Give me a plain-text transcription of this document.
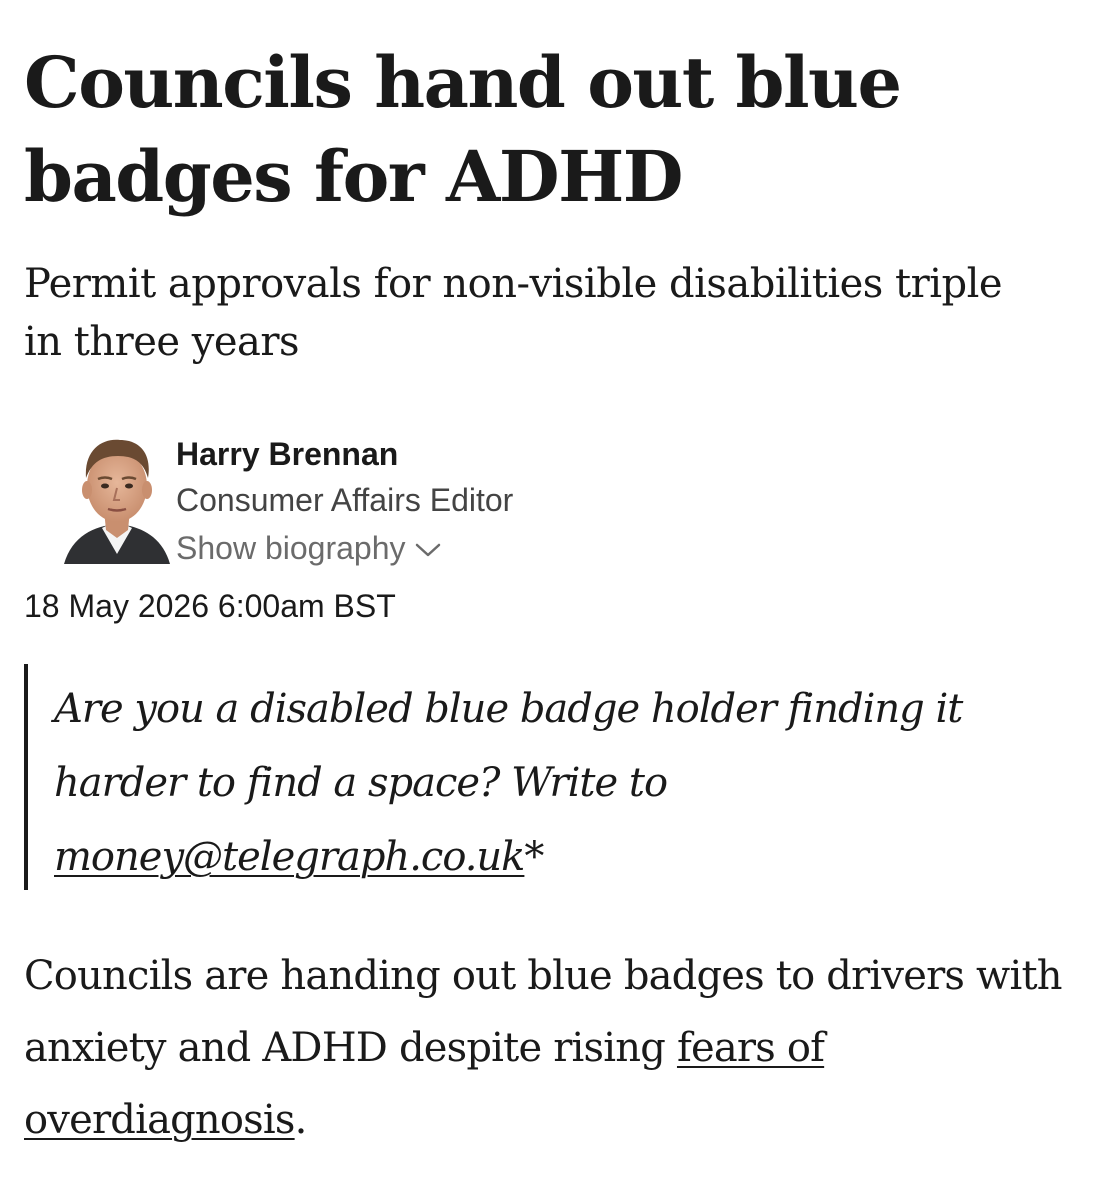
Councils hand out blue badges for ADHD

Permit approvals for non-visible disabilities triple in three years

Harry Brennan
Consumer Affairs Editor
Show biography
18 May 2026 6:00am BST

Are you a disabled blue badge holder finding it harder to find a space? Write to money@telegraph.co.uk*

Councils are handing out blue badges to drivers with anxiety and ADHD despite rising fears of overdiagnosis.
